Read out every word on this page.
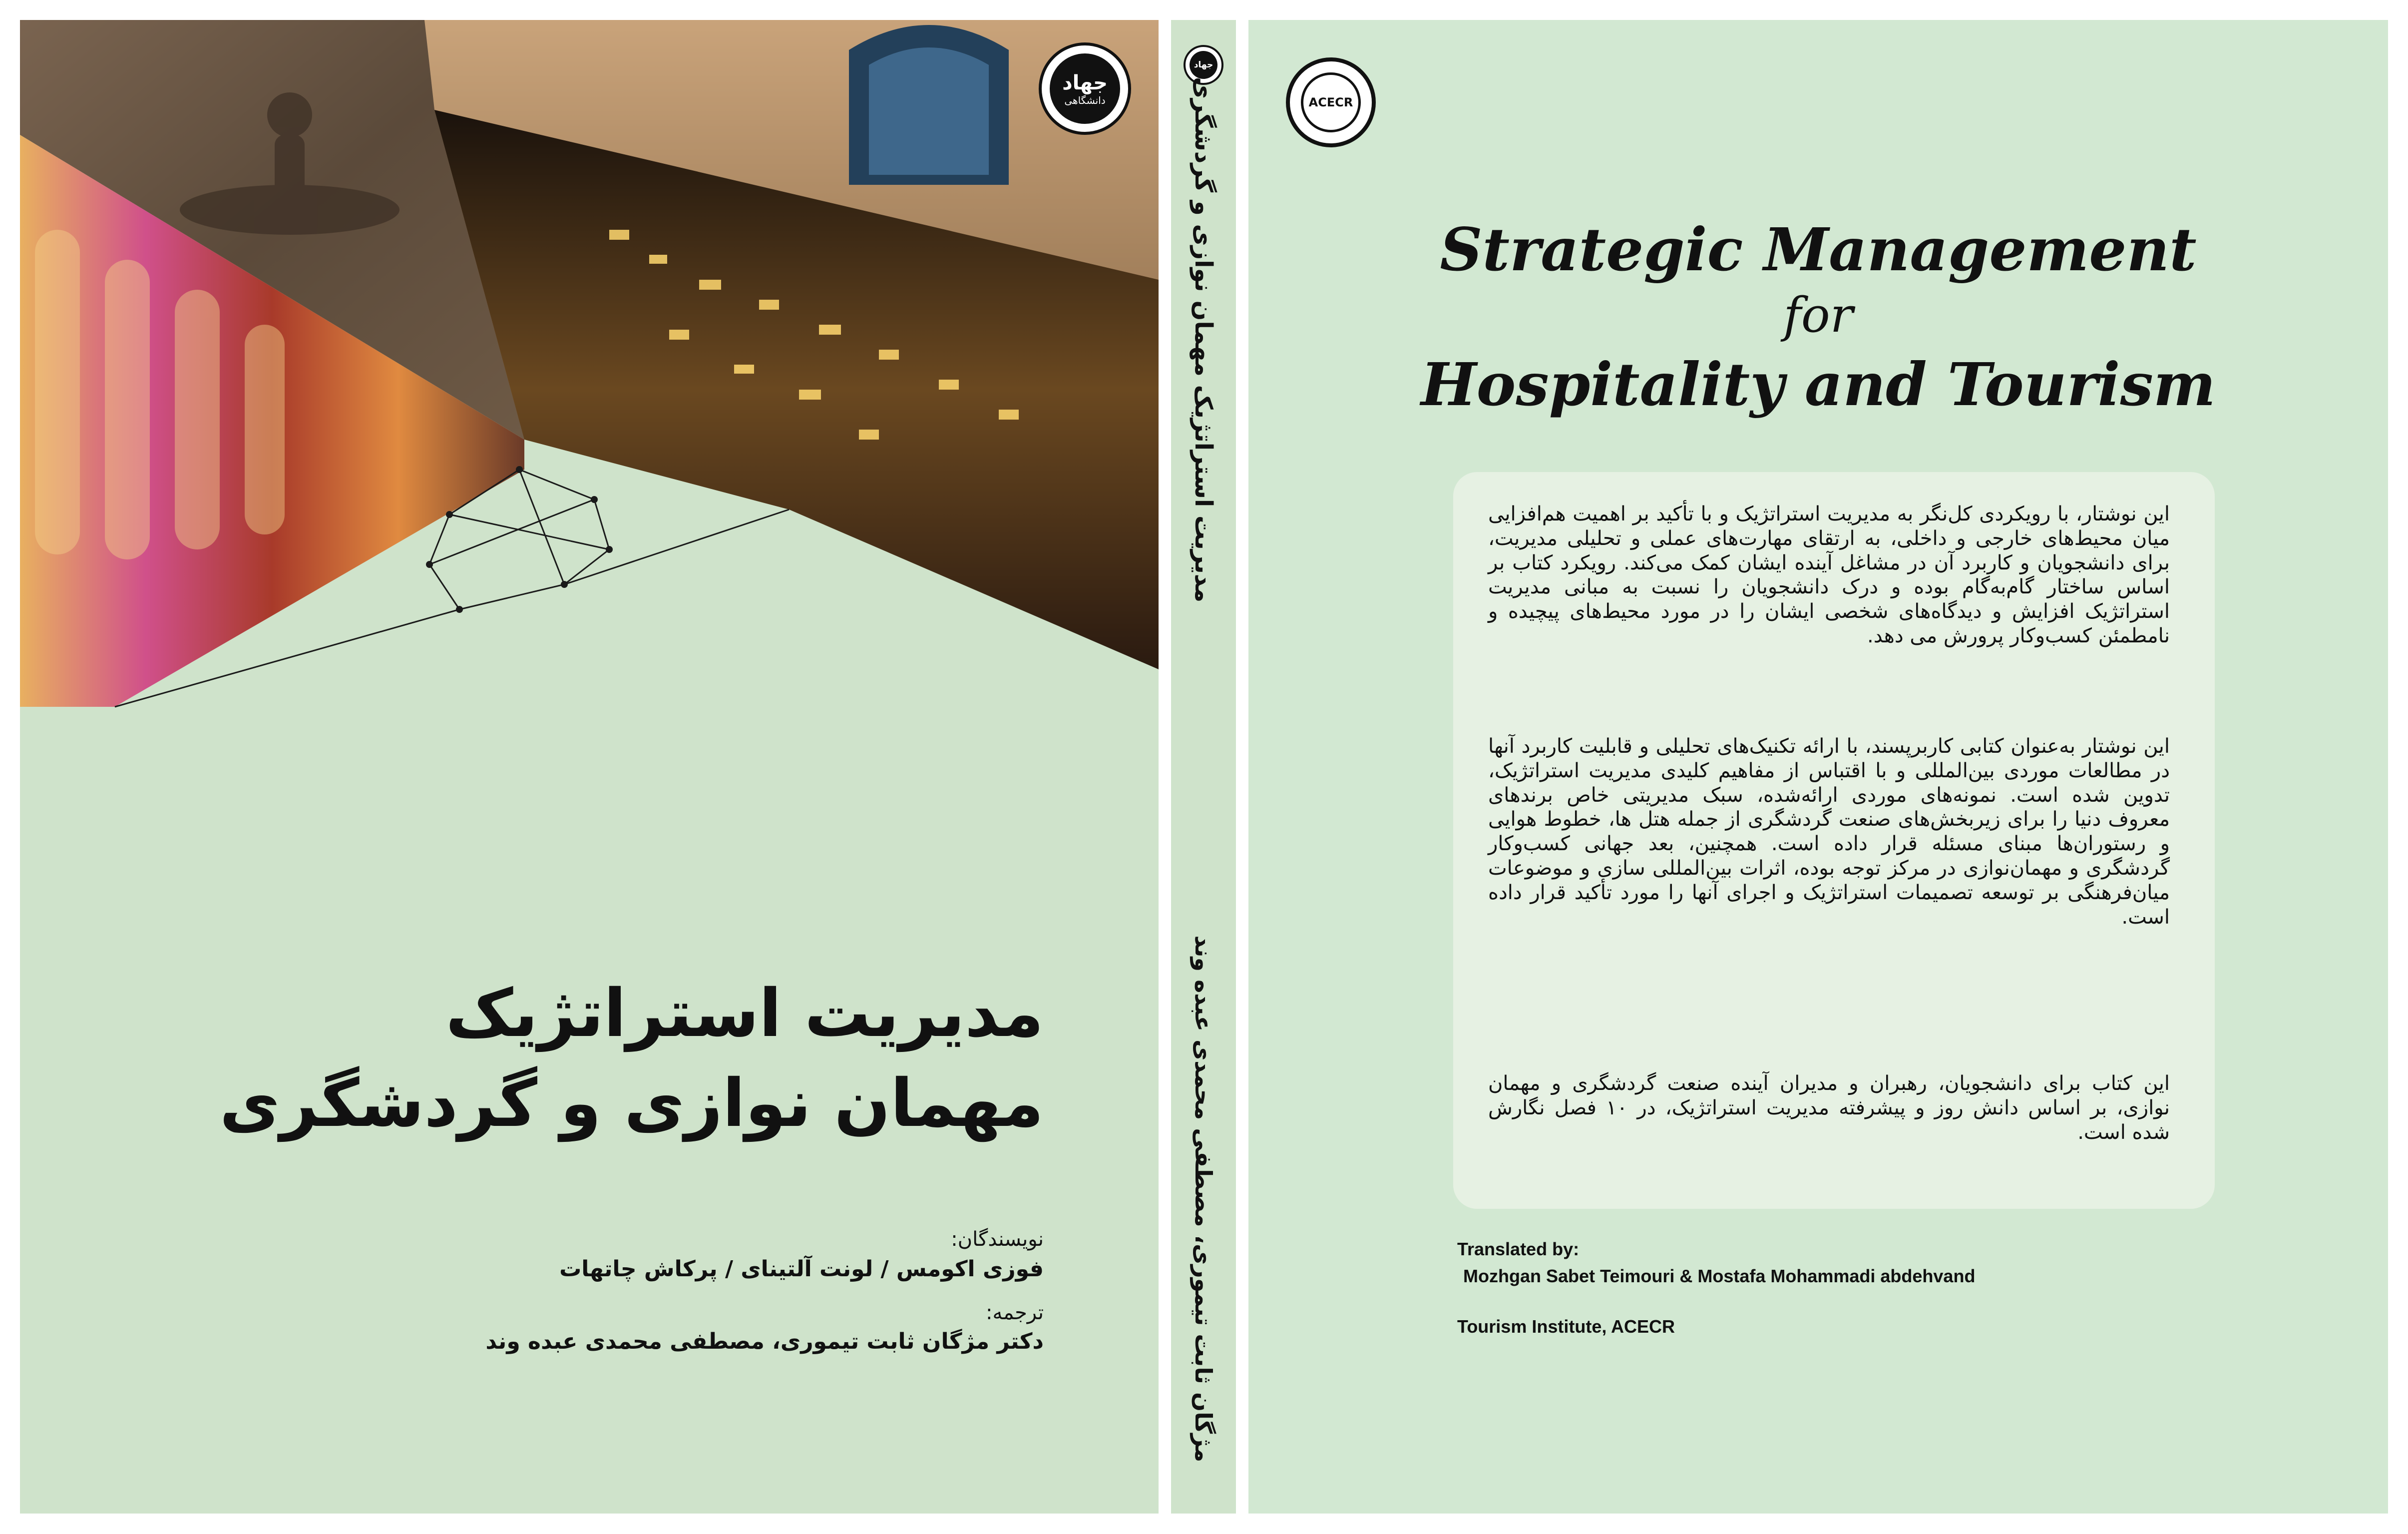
جهاد
دانشگاهی
مدیریت استراتژیک
مهمان نوازی و گردشگری
نویسندگان:
فوزی اکومس / لونت آلتینای / پرکاش چاتهات
ترجمه:
دکتر مژگان ثابت تیموری، مصطفی محمدی عبده وند
جهاد
مدیریت استراتژیک مهمان نوازی و گردشگری
مژگان ثابت تیموری، مصطفی محمدی عبده وند
ACECR
Strategic Management
for
Hospitality and Tourism

این نوشتار، با رویکردی کل‌نگر به مدیریت استراتژیک و با تأکید بر اهمیت هم‌افزایی میان محیط‌های خارجی و داخلی، به ارتقای مهارت‌های عملی و تحلیلی مدیریت، برای دانشجویان و کاربرد آن در مشاغل آینده ایشان کمک می‌کند. رویکرد کتاب بر اساس ساختار گام‌به‌گام بوده و درک دانشجویان را نسبت به مبانی مدیریت استراتژیک افزایش و دیدگاه‌های شخصی ایشان را در مورد محیط‌های پیچیده و نامطمئن کسب‌وکار پرورش می دهد.

این نوشتار به‌عنوان کتابی کاربرپسند، با ارائه تکنیک‌های تحلیلی و قابلیت کاربرد آنها در مطالعات موردی بین‌المللی و با اقتباس از مفاهیم کلیدی مدیریت استراتژیک، تدوین شده است. نمونه‌های موردی ارائه‌شده، سبک مدیریتی خاص برندهای معروف دنیا را برای زیربخش‌های صنعت گردشگری از جمله هتل ها، خطوط هوایی و رستوران‌ها مبنای مسئله قرار داده است. همچنین، بعد جهانی کسب‌وکار گردشگری و مهمان‌نوازی در مرکز توجه بوده، اثرات بین‌المللی سازی و موضوعات میان‌فرهنگی بر توسعه تصمیمات استراتژیک و اجرای آنها را مورد تأکید قرار داده است.

این کتاب برای دانشجویان، رهبران و مدیران آینده صنعت گردشگری و مهمان نوازی، بر اساس دانش روز و پیشرفته مدیریت استراتژیک، در ۱۰ فصل نگارش شده است.

Translated by:
Mozhgan Sabet Teimouri & Mostafa Mohammadi abdehvand
Tourism Institute, ACECR
